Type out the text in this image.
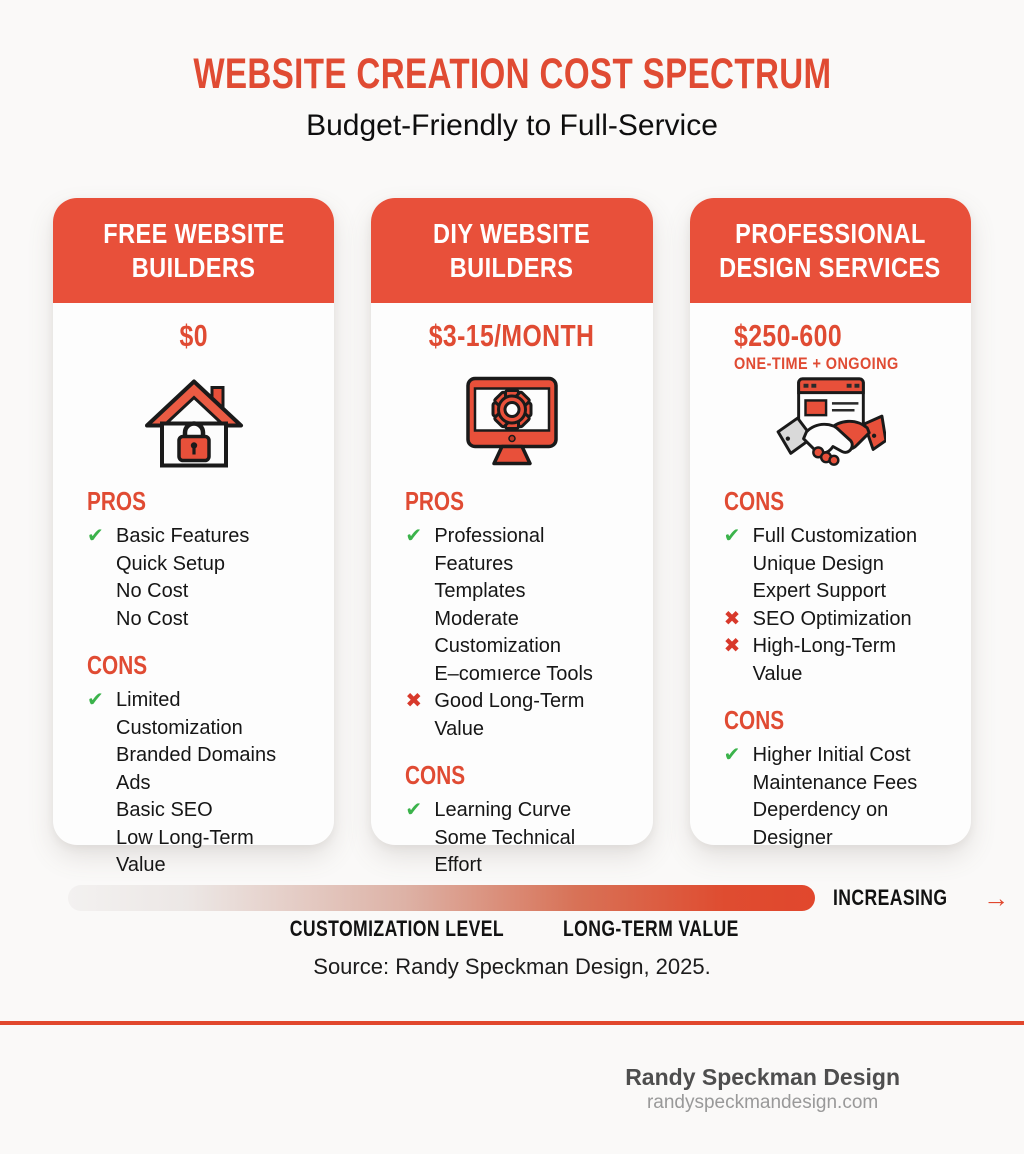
WEBSITE CREATION COST SPECTRUM
Budget-Friendly to Full-Service
FREE WEBSITE
BUILDERS
$0
PROS
✔
Basic Features
Quick Setup
No Cost
No Cost
CONS
✔
Limited Customization
Branded Domains
Ads
Basic SEO
Low Long-Term Value
DIY WEBSITE
BUILDERS
$3-15/MONTH
PROS
✔
Professional Features
Templates
Moderate Customization
E–comıerce Tools
✖
Good Long-Term Value
CONS
✔
Learning Curve
Some Technical Effort
PROFESSIONAL
DESIGN SERVICES
$250-600
ONE-TIME + ONGOING
CONS
✔
Full Customization
Unique Design
Expert Support
✖
SEO Optimization
✖
High-Long-Term Value
CONS
✔
Higher Initial Cost
Maintenance Fees
Deperdency on Designer
INCREASING →
CUSTOMIZATION LEVEL	LONG-TERM VALUE
Source: Randy Speckman Design, 2025.
Randy Speckman Design
randyspeckmandesign.com
